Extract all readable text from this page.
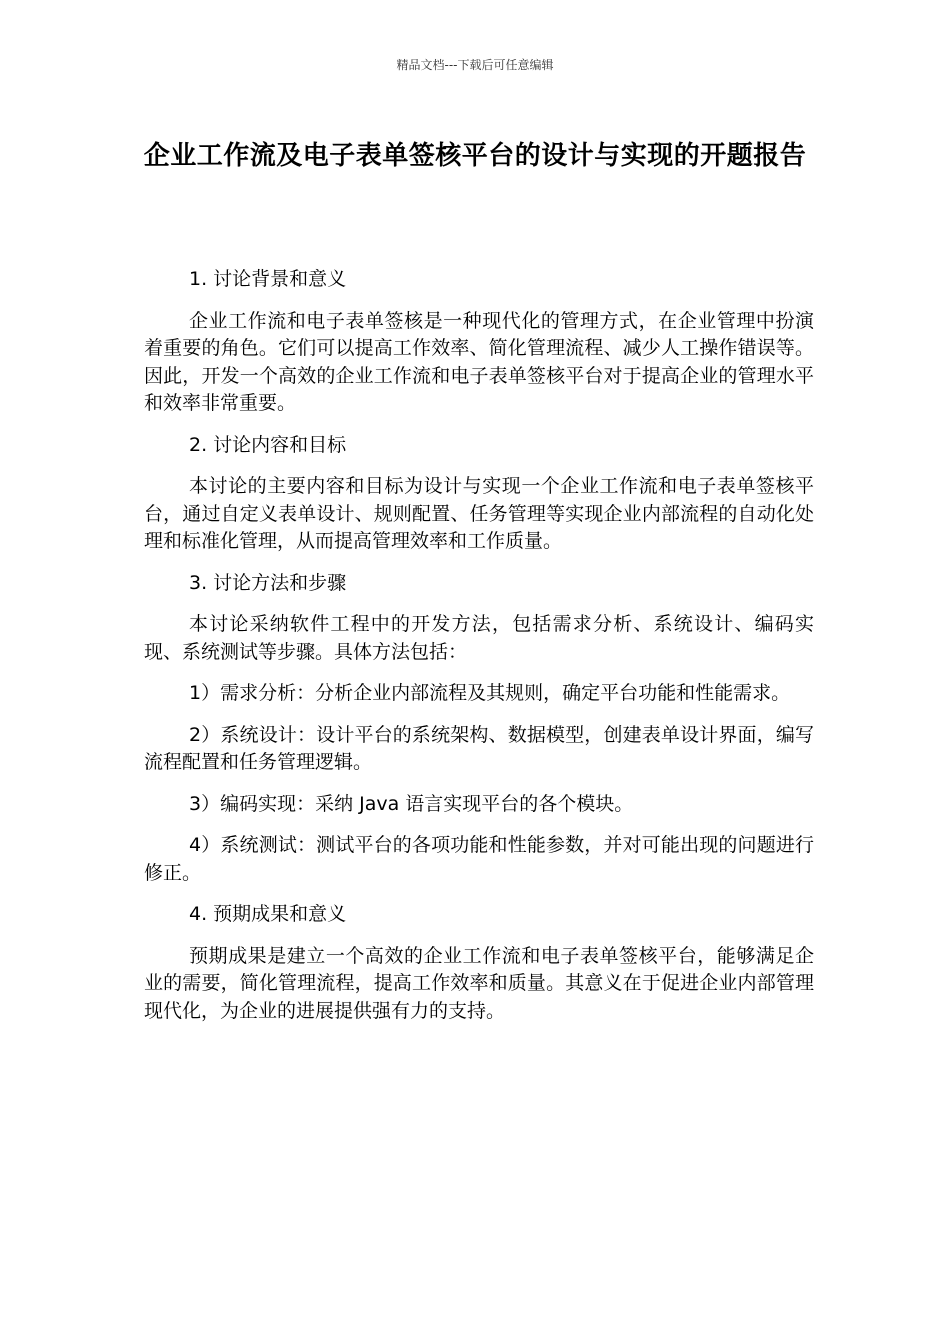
精品文档---下载后可任意编辑
企业工作流及电子表单签核平台的设计与实现的开题报告

1. 讨论背景和意义

企业工作流和电子表单签核是一种现代化的管理方式，在企业管理中扮演着重要的角色。它们可以提高工作效率、简化管理流程、减少人工操作错误等。因此，开发一个高效的企业工作流和电子表单签核平台对于提高企业的管理水平和效率非常重要。

2. 讨论内容和目标

本讨论的主要内容和目标为设计与实现一个企业工作流和电子表单签核平台，通过自定义表单设计、规则配置、任务管理等实现企业内部流程的自动化处理和标准化管理，从而提高管理效率和工作质量。

3. 讨论方法和步骤

本讨论采纳软件工程中的开发方法，包括需求分析、系统设计、编码实现、系统测试等步骤。具体方法包括：

1）需求分析：分析企业内部流程及其规则，确定平台功能和性能需求。

2）系统设计：设计平台的系统架构、数据模型，创建表单设计界面，编写流程配置和任务管理逻辑。

3）编码实现：采纳 Java 语言实现平台的各个模块。

4）系统测试：测试平台的各项功能和性能参数，并对可能出现的问题进行修正。

4. 预期成果和意义

预期成果是建立一个高效的企业工作流和电子表单签核平台，能够满足企业的需要，简化管理流程，提高工作效率和质量。其意义在于促进企业内部管理现代化，为企业的进展提供强有力的支持。
